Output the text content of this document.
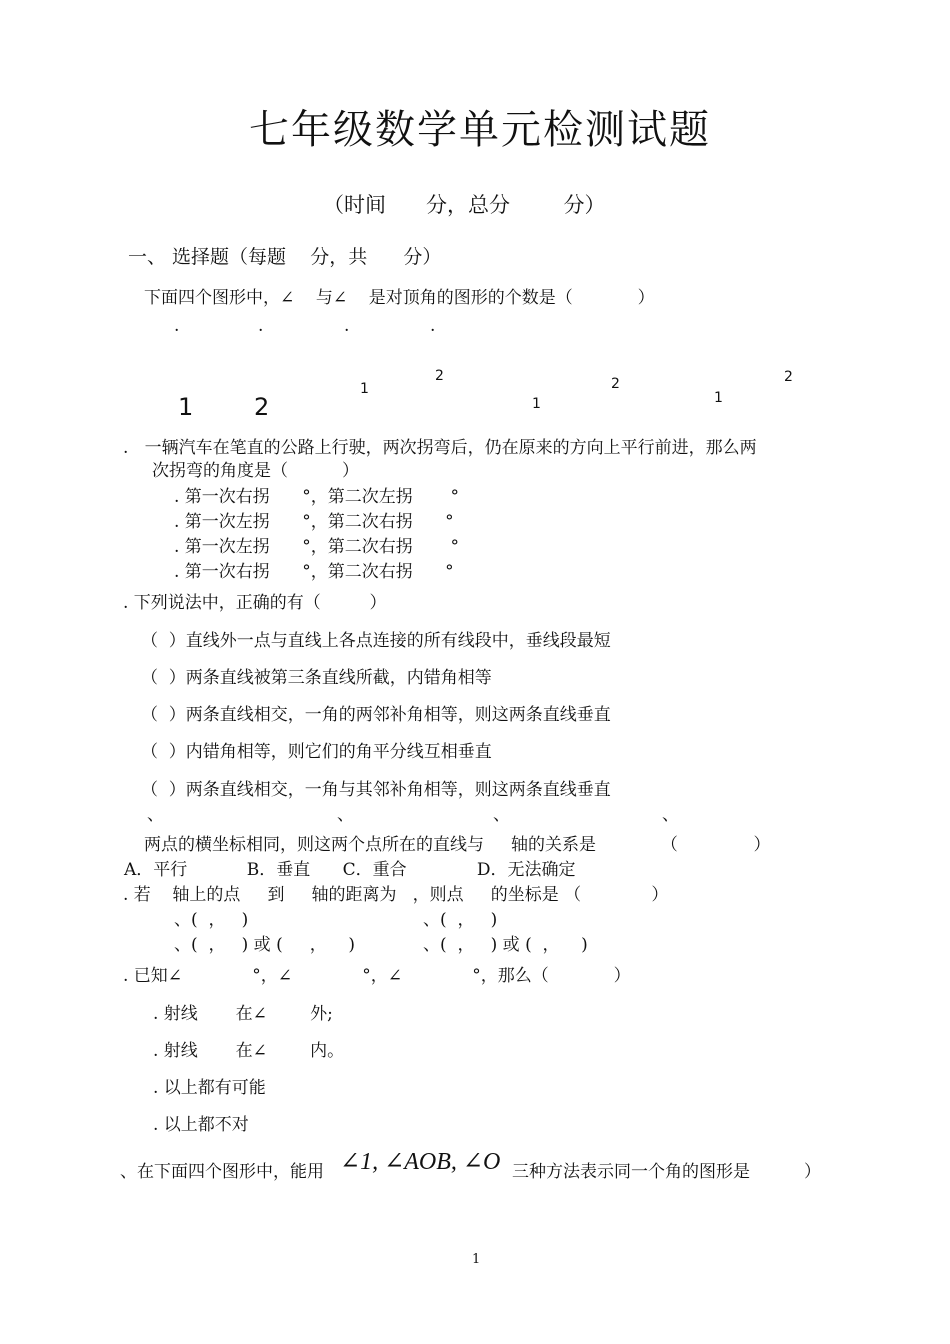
七年级数学单元检测试题
（时间      分，总分        分）
一、 选择题（每题    分，共      分）
下面四个图形中，∠    与∠    是对顶角的图形的个数是（            ）
.	.	.	.
1	2
1
2
1
2
1
2
.   一辆汽车在笔直的公路上行驶，两次拐弯后，仍在原来的方向上平行前进，那么两
次拐弯的角度是（          ）
. 第一次右拐      °，第二次左拐       °
. 第一次左拐      °，第二次右拐      °
. 第一次左拐      °，第二次右拐       °
. 第一次右拐      °，第二次右拐      °
. 下列说法中，正确的有（         ）
（  ）直线外一点与直线上各点连接的所有线段中，垂线段最短
（  ）两条直线被第三条直线所截，内错角相等
（  ）两条直线相交，一角的两邻补角相等，则这两条直线垂直
（  ）内错角相等，则它们的角平分线互相垂直
（  ）两条直线相交，一角与其邻补角相等，则这两条直线垂直
、	、	、	、
两点的横坐标相同，则这两个点所在的直线与     轴的关系是            （              ）
A．平行           B．垂直      C．重合             D．无法确定
. 若    轴上的点     到     轴的距离为   ，则点     的坐标是 （             ）
、(  ，   )	、(  ，   )
、(  ，   ) 或 (     ，    )	、(  ，   ) 或 (  ，    )
. 已知∠             °，∠             °，∠             °，那么（            ）
. 射线       在∠        外;
. 射线       在∠        内。
. 以上都有可能
. 以上都不对
、在下面四个图形中，能用 ∠1, ∠AOB, ∠O 三种方法表示同一个角的图形是          ）
1
